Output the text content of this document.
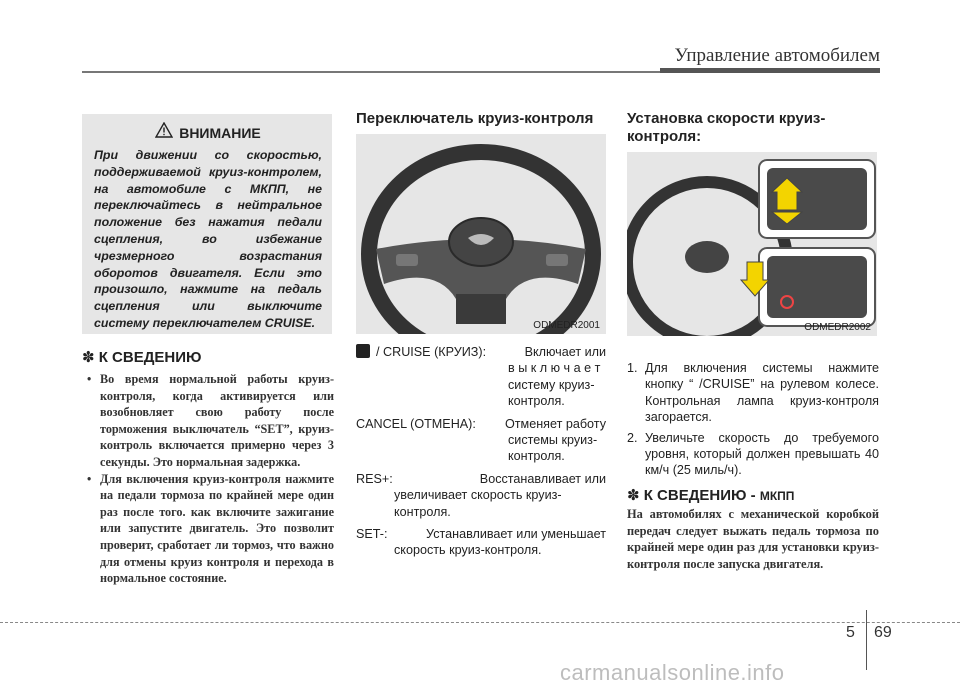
Управление автомобилем
ВНИМАНИЕ
При движении со скоростью, поддерживаемой круиз-контролем, на автомобиле с МКПП, не переключайтесь в нейтральное положение без нажатия педали сцепления, во избежание чрезмерного возрастания оборотов двигателя. Если это произошло, нажмите на педаль сцепления или выключите систему переключателем CRUISE.
✽ К СВЕДЕНИЮ
• Во время нормальной работы круиз-контроля, когда активируется или возобновляет свою работу после торможения выключатель “SET”, круиз-контроль включается примерно через 3 секунды. Это нормальная задержка.
• Для включения круиз-контроля нажмите на педали тормоза по крайней мере один раз после того. как включите зажигание или запустите двигатель. Это позволит проверит, сработает ли тормоз, что важно для отмены круиз контроля и перехода в нормальное состояние.
Переключатель круиз-контроля
ODMEDR2001
/ CRUISE (КРУИЗ):	Включает или
в ы к л ю ч а е т
систему круиз-
контроля.
CANCEL (ОТМЕНА): Отменяет работу
системы круиз-
контроля.
RES+:	Восстанавливает или
увеличивает скорость круиз-
контроля.
SET-:	Устанавливает или уменьшает
скорость круиз-контроля.
Установка скорости круиз-контроля:
ODMEDR2002
1. Для включения системы нажмите кнопку “ /CRUISE” на рулевом колесе. Контрольная лампа круиз-контроля загорается.
2. Увеличьте скорость до требуемого уровня, который должен превышать 40 км/ч (25 миль/ч).
✽ К СВЕДЕНИЮ - МКПП
На автомобилях с механической коробкой передач следует выжать педаль тормоза по крайней мере один раз для установки круиз-контроля после запуска двигателя.
5 69
carmanualsonline.info
